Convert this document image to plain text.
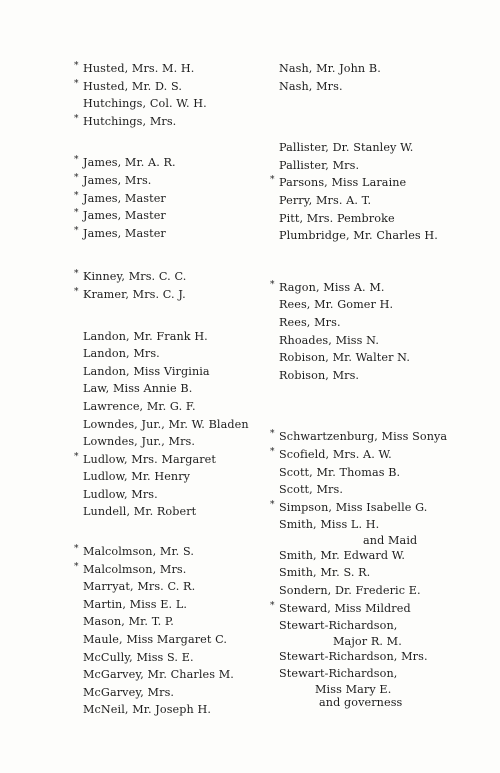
* Husted, Mrs. M. H.
* Husted, Mr. D. S.
Hutchings, Col. W. H.
* Hutchings, Mrs.
* James, Mr. A. R.
* James, Mrs.
* James, Master
* James, Master
* James, Master
* Kinney, Mrs. C. C.
* Kramer, Mrs. C. J.
Landon, Mr. Frank H.
Landon, Mrs.
Landon, Miss Virginia
Law, Miss Annie B.
Lawrence, Mr. G. F.
Lowndes, Jur., Mr. W. Bladen
Lowndes, Jur., Mrs.
* Ludlow, Mrs. Margaret
Ludlow, Mr. Henry
Ludlow, Mrs.
Lundell, Mr. Robert
* Malcolmson, Mr. S.
* Malcolmson, Mrs.
Marryat, Mrs. C. R.
Martin, Miss E. L.
Mason, Mr. T. P.
Maule, Miss Margaret C.
McCully, Miss S. E.
McGarvey, Mr. Charles M.
McGarvey, Mrs.
McNeil, Mr. Joseph H.
Nash, Mr. John B.
Nash, Mrs.
Pallister, Dr. Stanley W.
Pallister, Mrs.
* Parsons, Miss Laraine
Perry, Mrs. A. T.
Pitt, Mrs. Pembroke
Plumbridge, Mr. Charles H.
* Ragon, Miss A. M.
Rees, Mr. Gomer H.
Rees, Mrs.
Rhoades, Miss N.
Robison, Mr. Walter N.
Robison, Mrs.
* Schwartzenburg, Miss Sonya
* Scofield, Mrs. A. W.
Scott, Mr. Thomas B.
Scott, Mrs.
* Simpson, Miss Isabelle G.
Smith, Miss L. H.
and Maid
Smith, Mr. Edward W.
Smith, Mr. S. R.
Sondern, Dr. Frederic E.
* Steward, Miss Mildred
Stewart-Richardson,
Major R. M.
Stewart-Richardson, Mrs.
Stewart-Richardson,
Miss Mary E.
and governess
